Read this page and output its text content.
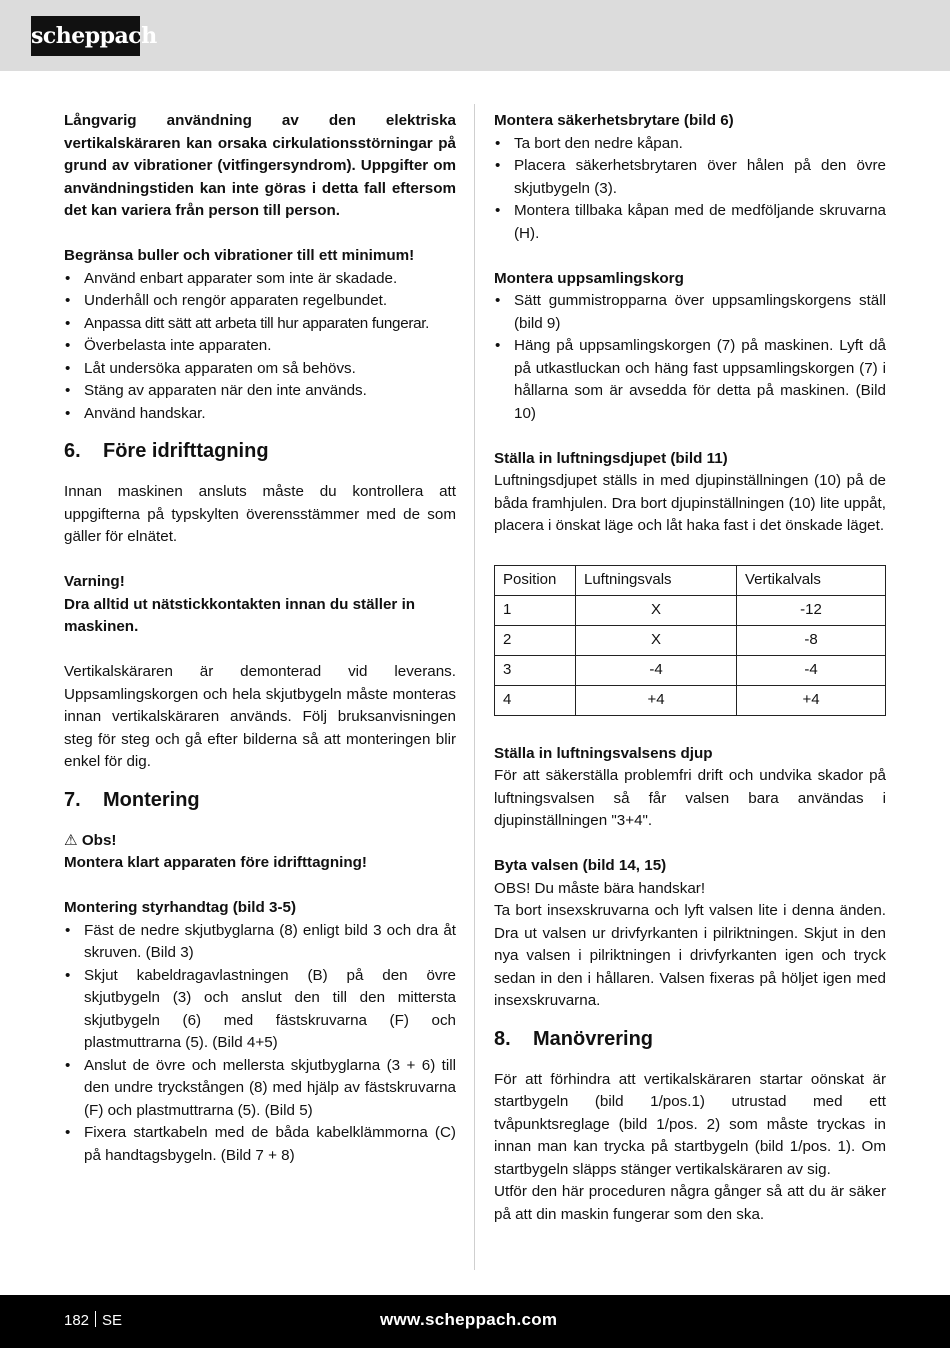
scheppach

Långvarig användning av den elektriska vertikalskäraren kan orsaka cirkulationsstörningar på grund av vibrationer (vitfingersyndrom). Uppgifter om användningstiden kan inte göras i detta fall eftersom det kan variera från person till person.

Begränsa buller och vibrationer till ett minimum!

• Använd enbart apparater som inte är skadade.
• Underhåll och rengör apparaten regelbundet.
• Anpassa ditt sätt att arbeta till hur apparaten fungerar.
• Överbelasta inte apparaten.
• Låt undersöka apparaten om så behövs.
• Stäng av apparaten när den inte används.
• Använd handskar.
6. Före idrifttagning

Innan maskinen ansluts måste du kontrollera att uppgifterna på typskylten överensstämmer med de som gäller för elnätet.

Varning!

Dra alltid ut nätstickkontakten innan du ställer in maskinen.

Vertikalskäraren är demonterad vid leverans. Uppsamlingskorgen och hela skjutbygeln måste monteras innan vertikalskäraren används. Följ bruksanvisningen steg för steg och gå efter bilderna så att monteringen blir enkel för dig.

7. Montering

⚠ Obs!

Montera klart apparaten före idrifttagning!

Montering styrhandtag (bild 3-5)

• Fäst de nedre skjutbyglarna (8) enligt bild 3 och dra åt skruven. (Bild 3)
• Skjut kabeldragavlastningen (B) på den övre skjutbygeln (3) och anslut den till den mittersta skjutbygeln (6) med fästskruvarna (F) och plastmuttrarna (5). (Bild 4+5)
• Anslut de övre och mellersta skjutbyglarna (3 + 6) till den undre tryckstången (8) med hjälp av fästskruvarna (F) och plastmuttrarna (5). (Bild 5)
• Fixera startkabeln med de båda kabelklämmorna (C) på handtagsbygeln. (Bild 7 + 8)

Montera säkerhetsbrytare (bild 6)

• Ta bort den nedre kåpan.
• Placera säkerhetsbrytaren över hålen på den övre skjutbygeln (3).
• Montera tillbaka kåpan med de medföljande skruvarna (H).

Montera uppsamlingskorg

• Sätt gummistropparna över uppsamlingskorgens ställ (bild 9)
• Häng på uppsamlingskorgen (7) på maskinen. Lyft då på utkastluckan och häng fast uppsamlingskorgen (7) i hållarna som är avsedda för detta på maskinen. (Bild 10)

Ställa in luftningsdjupet (bild 11)

Luftningsdjupet ställs in med djupinställningen (10) på de båda framhjulen. Dra bort djupinställningen (10) lite uppåt, placera i önskat läge och låt haka fast i det önskade läget.

Position	Luftningsvals	Vertikalvals
1	X	-12
2	X	-8
3	-4	-4
4	+4	+4

Ställa in luftningsvalsens djup

För att säkerställa problemfri drift och undvika skador på luftningsvalsen så får valsen bara användas i djupinställningen "3+4".

Byta valsen (bild 14, 15)

OBS! Du måste bära handskar!

Ta bort insexskruvarna och lyft valsen lite i denna änden. Dra ut valsen ur drivfyrkanten i pilriktningen. Skjut in den nya valsen i pilriktningen i drivfyrkanten igen och tryck sedan in den i hållaren. Valsen fixeras på höljet igen med insexskruvarna.

8. Manövrering

För att förhindra att vertikalskäraren startar oönskat är startbygeln (bild 1/pos.1) utrustad med ett tvåpunktsreglage (bild 1/pos. 2) som måste tryckas in innan man kan trycka på startbygeln (bild 1/pos. 1). Om startbygeln släpps stänger vertikalskäraren av sig.

Utför den här proceduren några gånger så att du är säker på att din maskin fungerar som den ska.

182 SE	www.scheppach.com
